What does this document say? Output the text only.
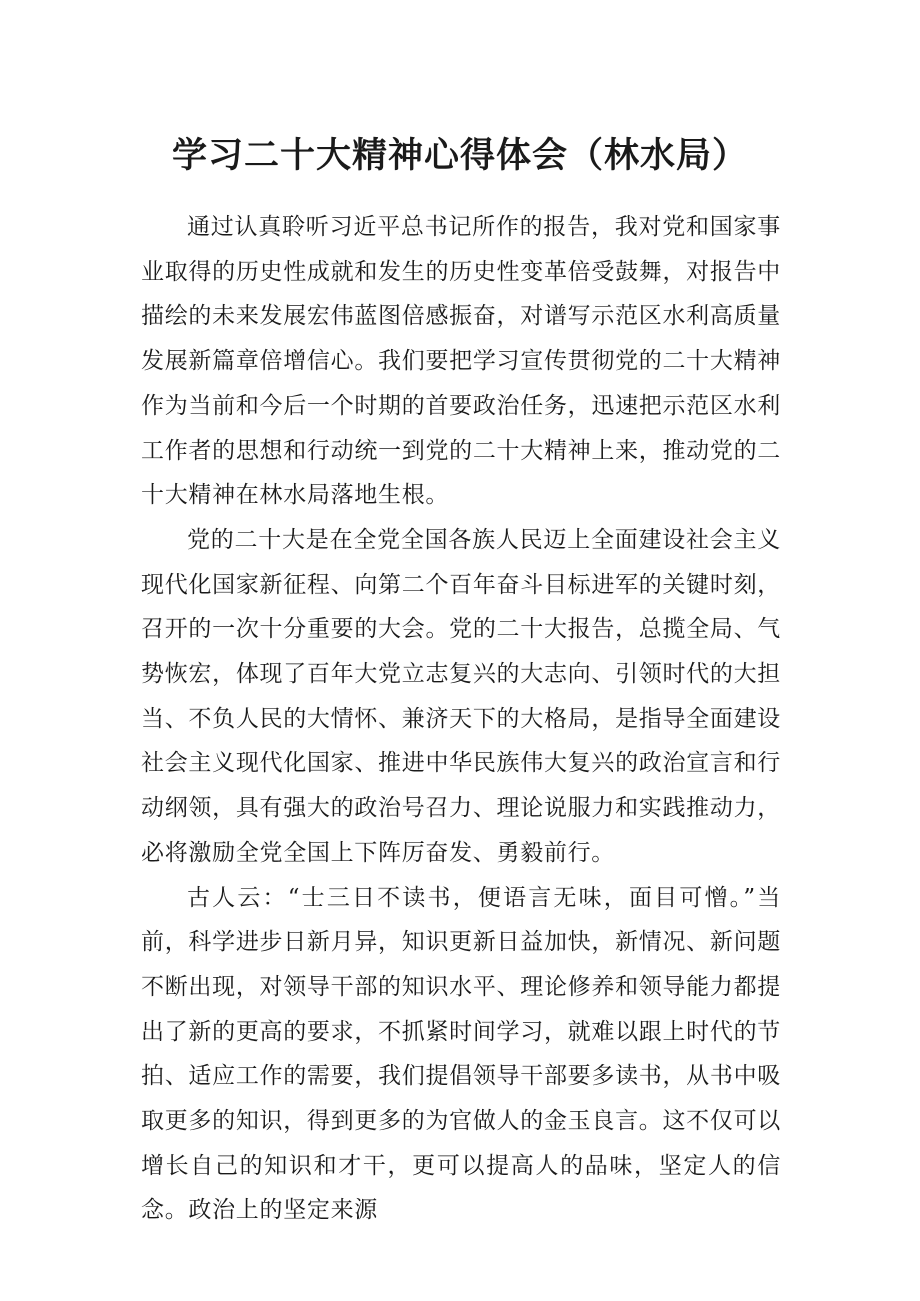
学习二十大精神心得体会（林水局）

通过认真聆听习近平总书记所作的报告，我对党和国家事业取得的历史性成就和发生的历史性变革倍受鼓舞，对报告中描绘的未来发展宏伟蓝图倍感振奋，对谱写示范区水利高质量发展新篇章倍增信心。我们要把学习宣传贯彻党的二十大精神作为当前和今后一个时期的首要政治任务，迅速把示范区水利工作者的思想和行动统一到党的二十大精神上来，推动党的二十大精神在林水局落地生根。

党的二十大是在全党全国各族人民迈上全面建设社会主义现代化国家新征程、向第二个百年奋斗目标进军的关键时刻，召开的一次十分重要的大会。党的二十大报告，总揽全局、气势恢宏，体现了百年大党立志复兴的大志向、引领时代的大担当、不负人民的大情怀、兼济天下的大格局，是指导全面建设社会主义现代化国家、推进中华民族伟大复兴的政治宣言和行动纲领，具有强大的政治号召力、理论说服力和实践推动力，必将激励全党全国上下阵厉奋发、勇毅前行。

古人云：“士三日不读书，便语言无味，面目可憎。”当前，科学进步日新月异，知识更新日益加快，新情况、新问题不断出现，对领导干部的知识水平、理论修养和领导能力都提出了新的更高的要求，不抓紧时间学习，就难以跟上时代的节拍、适应工作的需要，我们提倡领导干部要多读书，从书中吸取更多的知识，得到更多的为官做人的金玉良言。这不仅可以增长自己的知识和才干，更可以提高人的品味，坚定人的信念。政治上的坚定来源
